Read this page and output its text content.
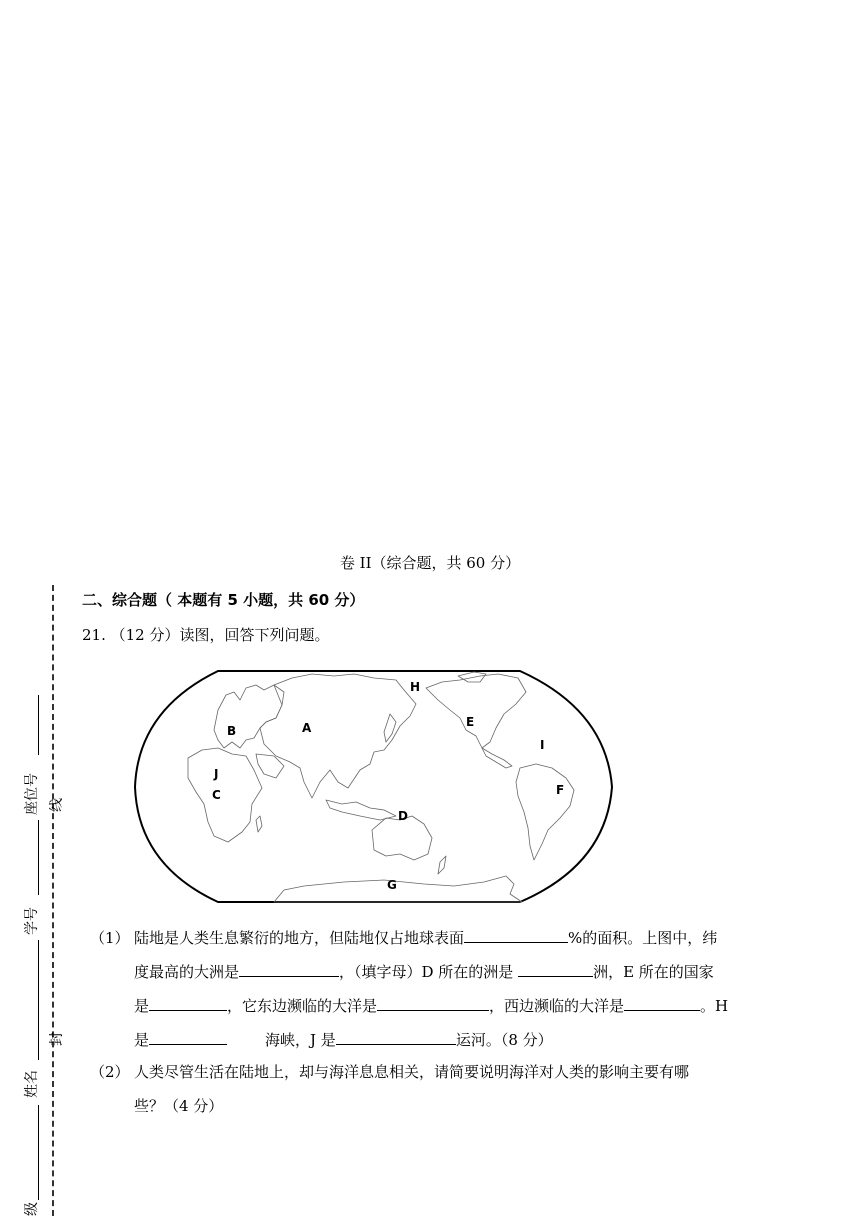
卷 II（综合题，共 60 分）
二、综合题（ 本题有 5 小题，共 60 分）
21. （12 分）读图，回答下列问题。
座位号
学号
姓名
级
线
封
A
B
C
D
E
F
G
H
I
J
（1） 陆地是人类生息繁衍的地方，但陆地仅占地球表面	%的面积。上图中，纬
度最高的大洲是	，（填字母）D 所在的洲是	洲，E 所在的国家
是	，它东边濒临的大洋是	，西边濒临的大洋是	。H
是	海峡，J 是	运河。（8 分）
（2） 人类尽管生活在陆地上，却与海洋息息相关，请简要说明海洋对人类的影响主要有哪
些？（4 分）
